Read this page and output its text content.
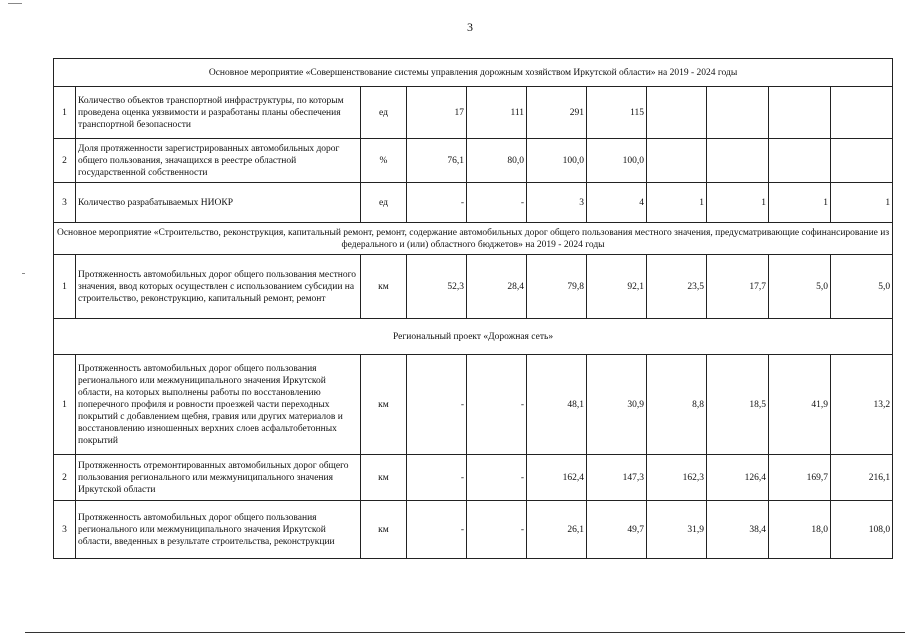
3
Основное мероприятие «Совершенствование системы управления дорожным хозяйством Иркутской области» на 2019 - 2024 годы										
1	Количество объектов транспортной инфраструктуры, по которым проведена оценка уязвимости и разработаны планы обеспечения транспортной безопасности	ед	17	111	291	115				
2	Доля протяженности зарегистрированных автомобильных дорог общего пользования, значащихся в реестре областной государственной собственности	%	76,1	80,0	100,0	100,0				
3	Количество разрабатываемых НИОКР	ед	-	-	3	4	1	1	1	1
Основное мероприятие «Строительство, реконструкция, капитальный ремонт, ремонт, содержание автомобильных дорог общего пользования местного значения, предусматривающие софинансирование из федерального и (или) областного бюджетов» на 2019 - 2024 годы										
1	Протяженность автомобильных дорог общего пользования местного значения, ввод которых осуществлен с использованием субсидии на строительство, реконструкцию, капитальный ремонт, ремонт	км	52,3	28,4	79,8	92,1	23,5	17,7	5,0	5,0
Региональный проект «Дорожная сеть»										
1	Протяженность автомобильных дорог общего пользования регионального или межмуниципального значения Иркутской области, на которых выполнены работы по восстановлению поперечного профиля и ровности проезжей части переходных покрытий с добавлением щебня, гравия или других материалов и восстановлению изношенных верхних слоев асфальтобетонных покрытий	км	-	-	48,1	30,9	8,8	18,5	41,9	13,2
2	Протяженность отремонтированных автомобильных дорог общего пользования регионального или межмуниципального значения Иркутской области	км	-	-	162,4	147,3	162,3	126,4	169,7	216,1
3	Протяженность автомобильных дорог общего пользования регионального или межмуниципального значения Иркутской области, введенных в результате строительства, реконструкции	км	-	-	26,1	49,7	31,9	38,4	18,0	108,0
